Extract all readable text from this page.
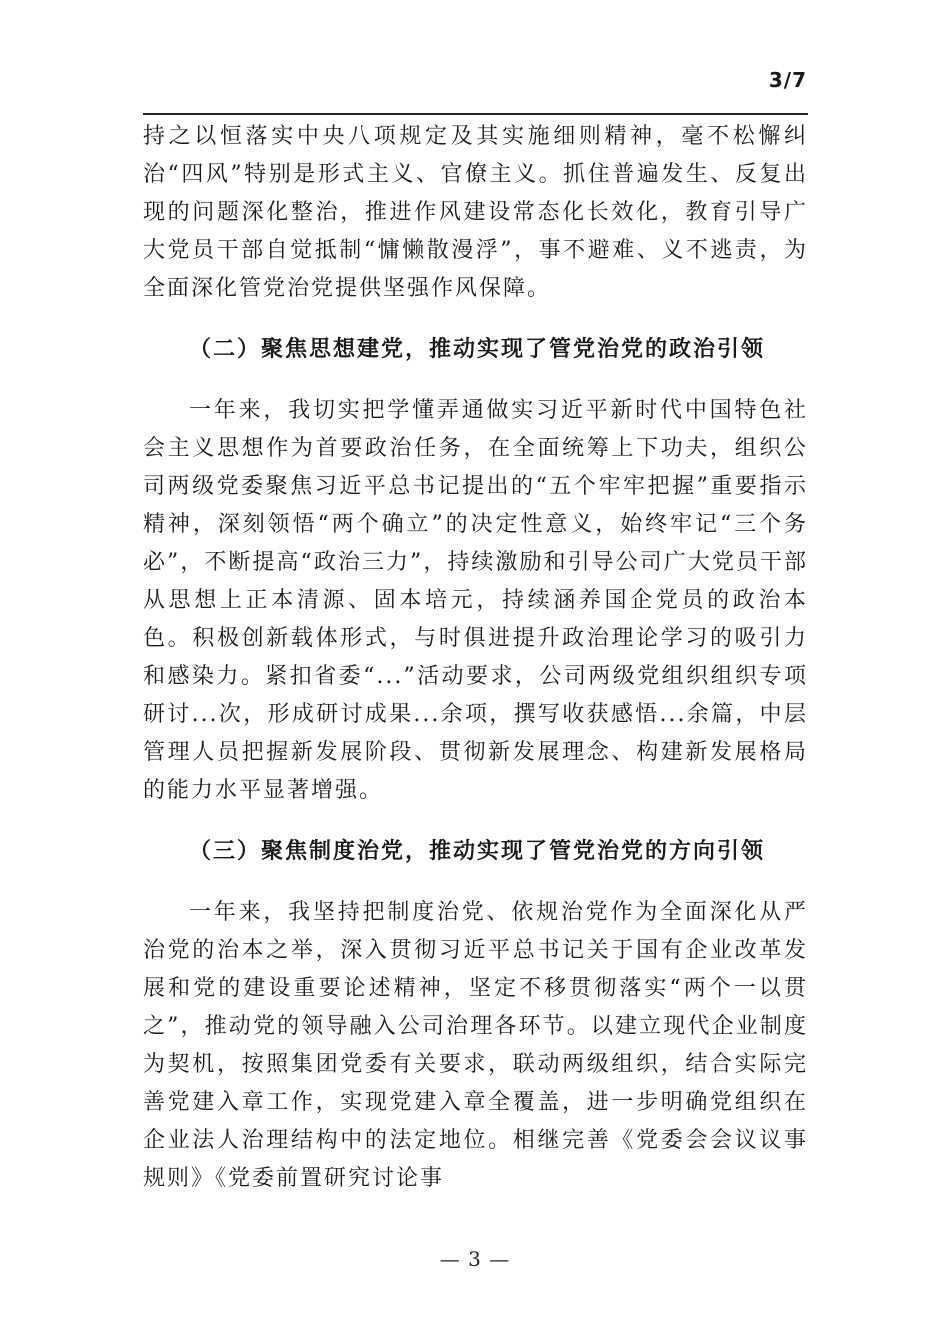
3/7

持之以恒落实中央八项规定及其实施细则精神，毫不松懈纠治“四风”特别是形式主义、官僚主义。抓住普遍发生、反复出现的问题深化整治，推进作风建设常态化长效化，教育引导广大党员干部自觉抵制“慵懒散漫浮”，事不避难、义不逃责，为全面深化管党治党提供坚强作风保障。

（二）聚焦思想建党，推动实现了管党治党的政治引领

一年来，我切实把学懂弄通做实习近平新时代中国特色社会主义思想作为首要政治任务，在全面统筹上下功夫，组织公司两级党委聚焦习近平总书记提出的“五个牢牢把握”重要指示精神，深刻领悟“两个确立”的决定性意义，始终牢记“三个务必”，不断提高“政治三力”，持续激励和引导公司广大党员干部从思想上正本清源、固本培元，持续涵养国企党员的政治本色。积极创新载体形式，与时俱进提升政治理论学习的吸引力和感染力。紧扣省委“...”活动要求，公司两级党组织组织专项研讨...次，形成研讨成果...余项，撰写收获感悟...余篇，中层管理人员把握新发展阶段、贯彻新发展理念、构建新发展格局的能力水平显著增强。

（三）聚焦制度治党，推动实现了管党治党的方向引领

一年来，我坚持把制度治党、依规治党作为全面深化从严治党的治本之举，深入贯彻习近平总书记关于国有企业改革发展和党的建设重要论述精神，坚定不移贯彻落实“两个一以贯之”，推动党的领导融入公司治理各环节。以建立现代企业制度为契机，按照集团党委有关要求，联动两级组织，结合实际完善党建入章工作，实现党建入章全覆盖，进一步明确党组织在企业法人治理结构中的法定地位。相继完善《党委会会议议事规则》《党委前置研究讨论事

— 3 —
